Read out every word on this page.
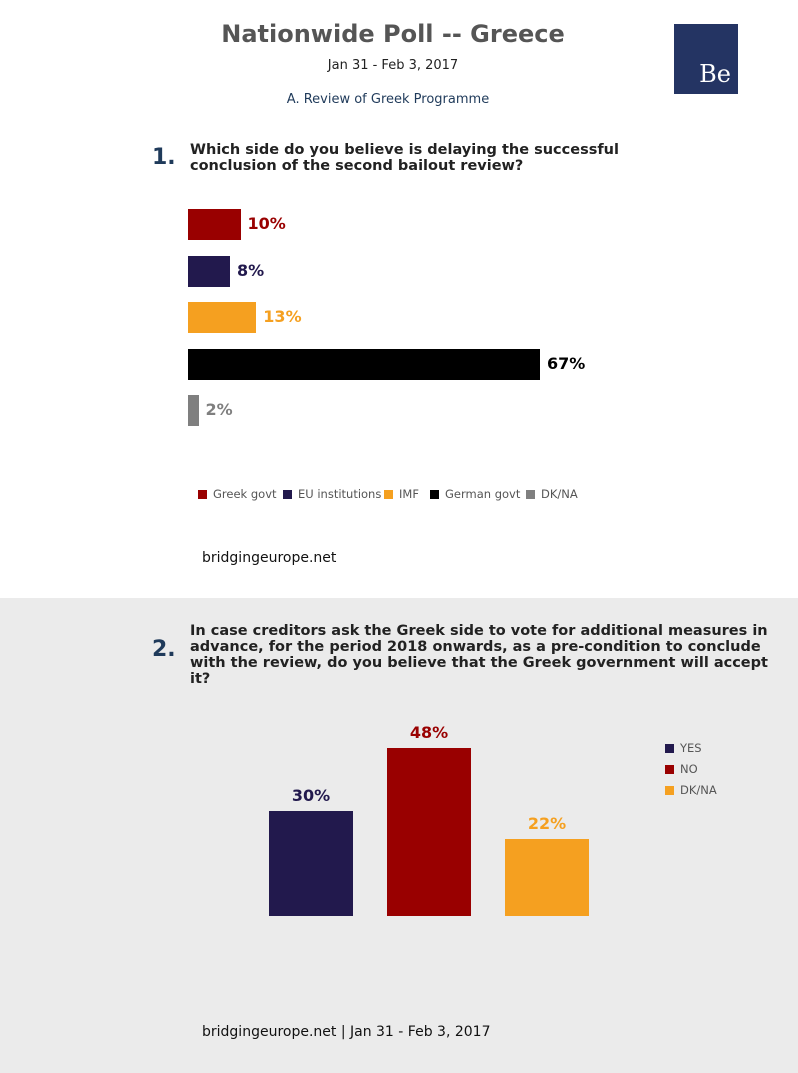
Nationwide Poll -- Greece
Jan 31 - Feb 3, 2017
A. Review of Greek Programme
Be
1. Which side do you believe is delaying the successful
conclusion of the second bailout review?
10%
8%
13%
67%
2%
Greek govt EU institutions IMF German govt DK/NA
bridgingeurope.net
2.
In case creditors ask the Greek side to vote for additional measures in
advance, for the period 2018 onwards, as a pre-condition to conclude
with the review, do you believe that the Greek government will accept
it?
30%
48%
22%
YES
NO
DK/NA
bridgingeurope.net | Jan 31 - Feb 3, 2017
